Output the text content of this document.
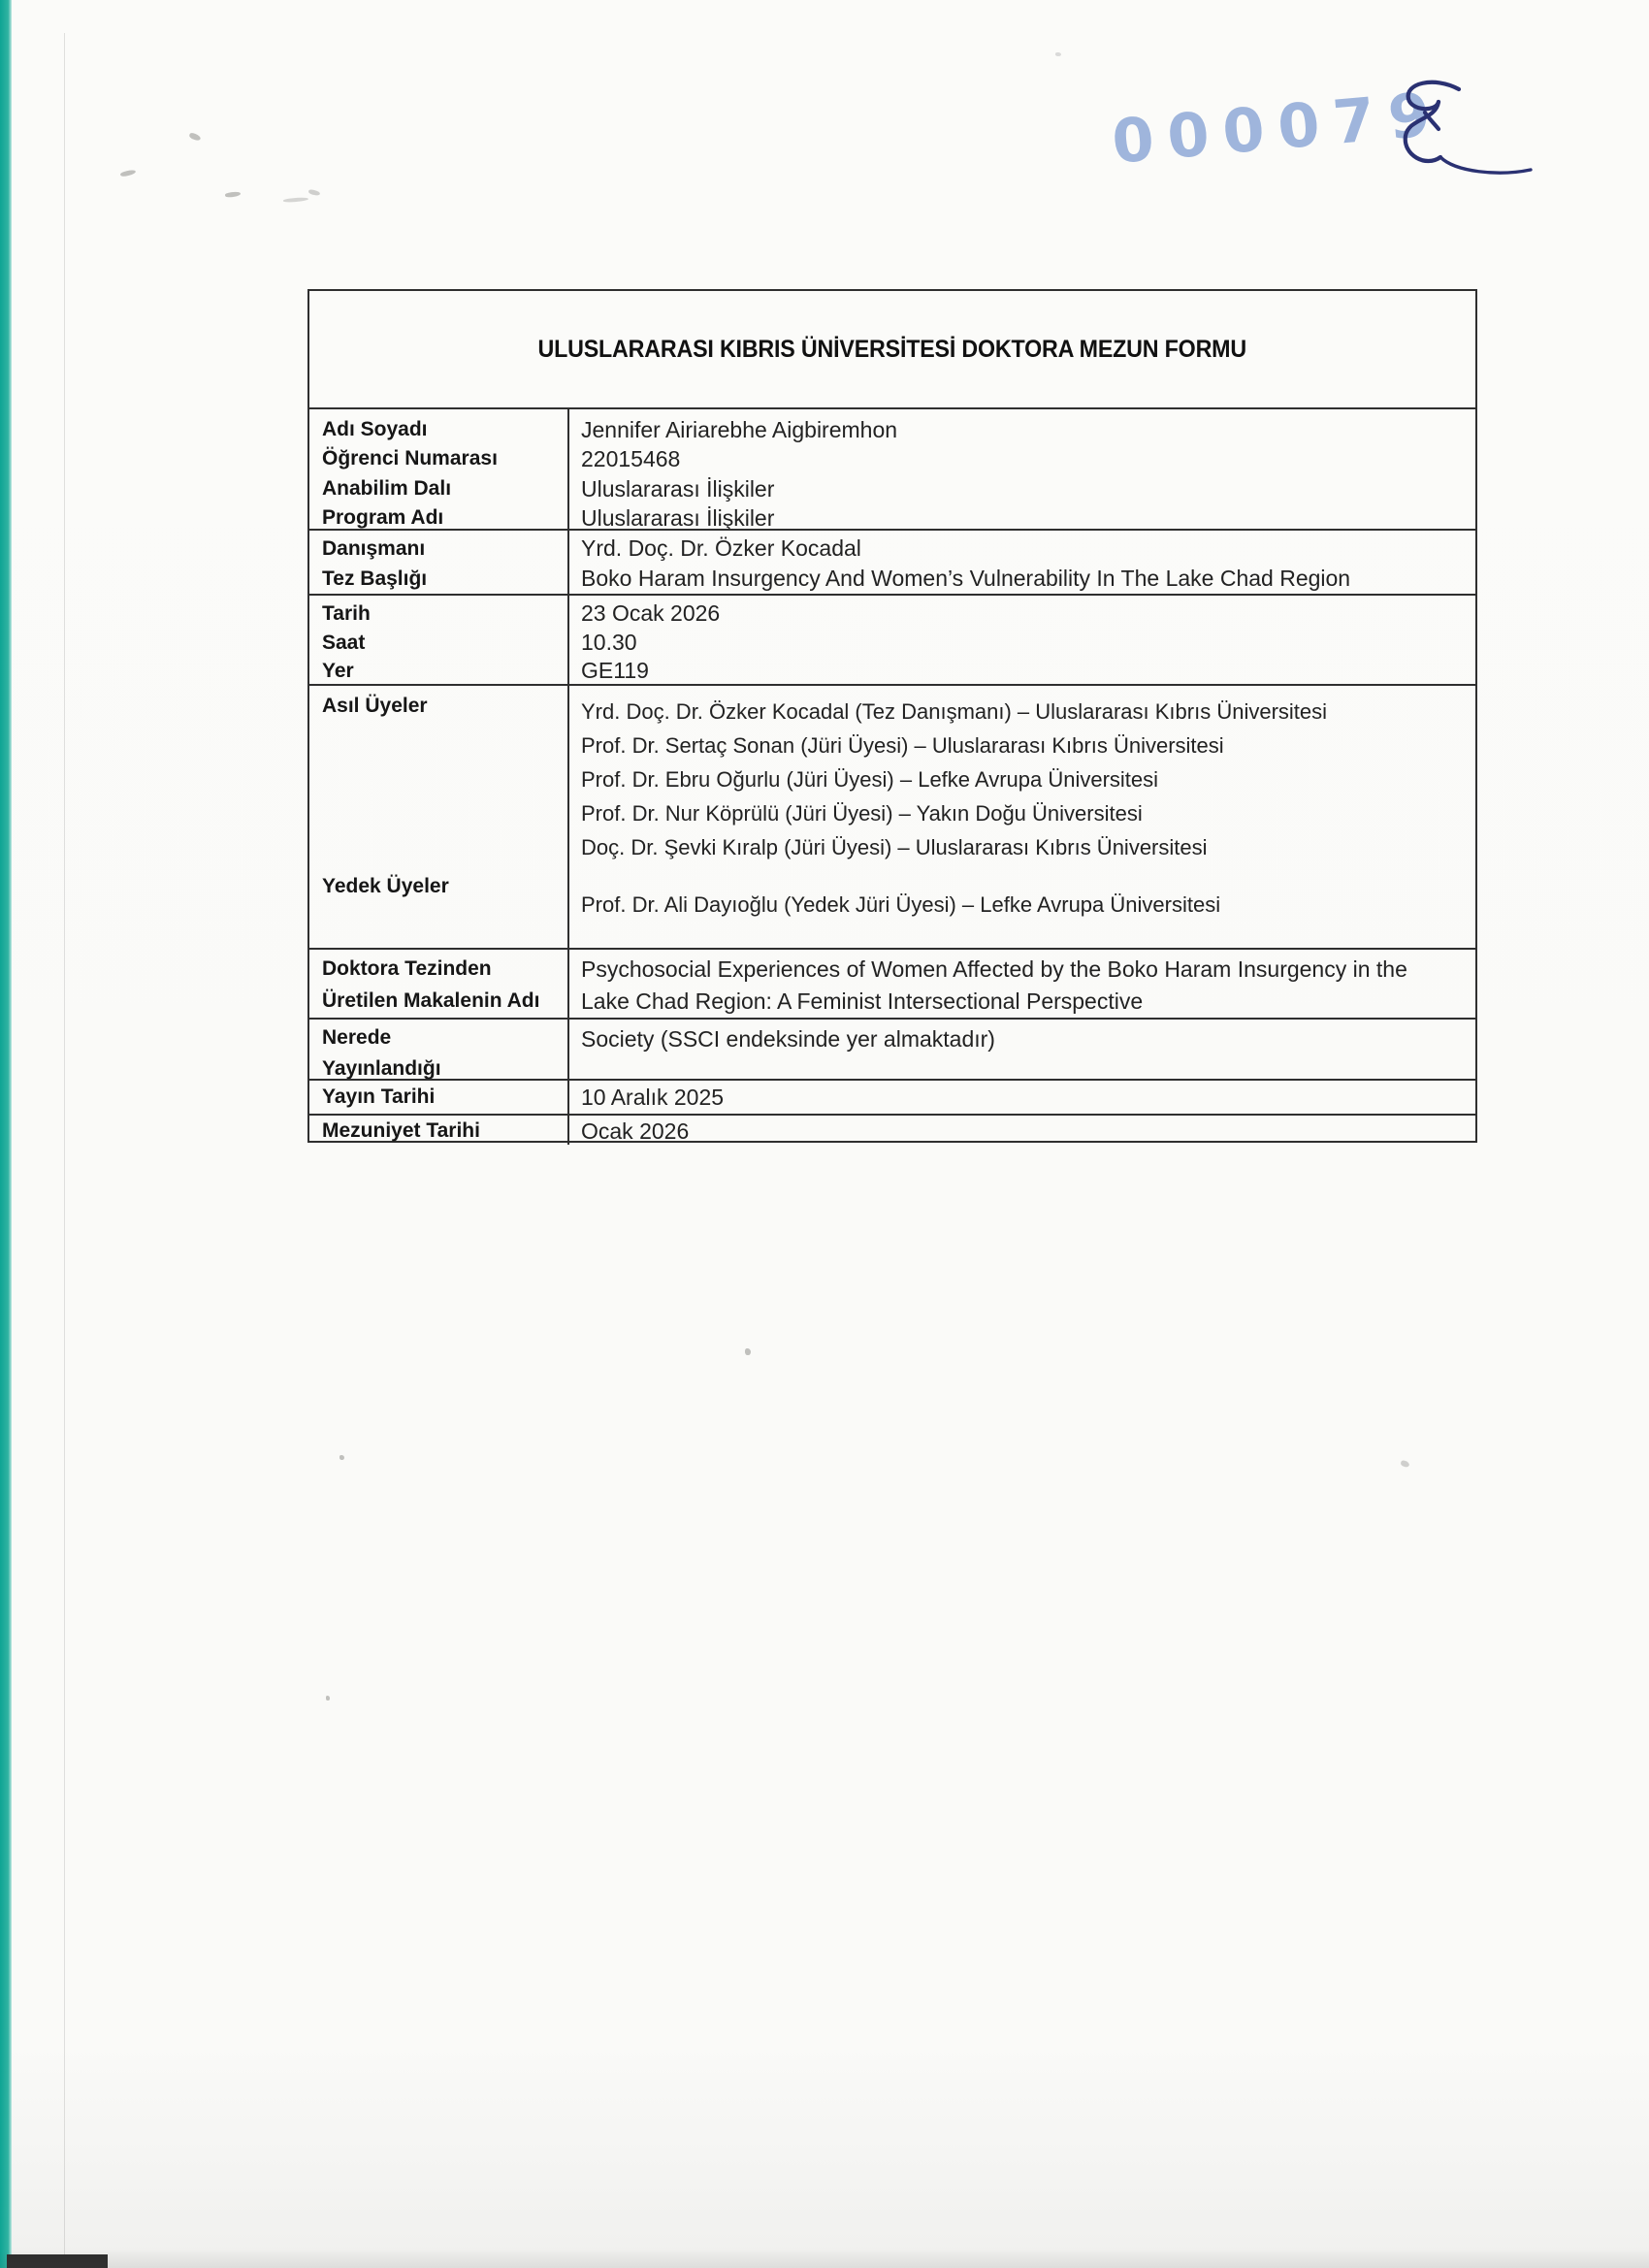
000079
ULUSLARARASI KIBRIS ÜNİVERSİTESİ DOKTORA MEZUN FORMU
Adı Soyadı
Öğrenci Numarası
Anabilim Dalı
Program Adı
Jennifer Airiarebhe Aigbiremhon
22015468
Uluslararası İlişkiler
Uluslararası İlişkiler
Danışmanı
Tez Başlığı
Yrd. Doç. Dr. Özker Kocadal
Boko Haram Insurgency And Women’s Vulnerability In The Lake Chad Region
Tarih
Saat
Yer
23 Ocak 2026
10.30
GE119
Asıl Üyeler
Yedek Üyeler
Yrd. Doç. Dr. Özker Kocadal (Tez Danışmanı) – Uluslararası Kıbrıs Üniversitesi
Prof. Dr. Sertaç Sonan (Jüri Üyesi) – Uluslararası Kıbrıs Üniversitesi
Prof. Dr. Ebru Oğurlu (Jüri Üyesi) – Lefke Avrupa Üniversitesi
Prof. Dr. Nur Köprülü (Jüri Üyesi) – Yakın Doğu Üniversitesi
Doç. Dr. Şevki Kıralp (Jüri Üyesi) – Uluslararası Kıbrıs Üniversitesi
Prof. Dr. Ali Dayıoğlu (Yedek Jüri Üyesi) – Lefke Avrupa Üniversitesi
Doktora Tezinden
Üretilen Makalenin Adı
Psychosocial Experiences of Women Affected by the Boko Haram Insurgency in the Lake Chad Region: A Feminist Intersectional Perspective
Nerede
Yayınlandığı
Society (SSCI endeksinde yer almaktadır)
Yayın Tarihi	10 Aralık 2025
Mezuniyet Tarihi	Ocak 2026
